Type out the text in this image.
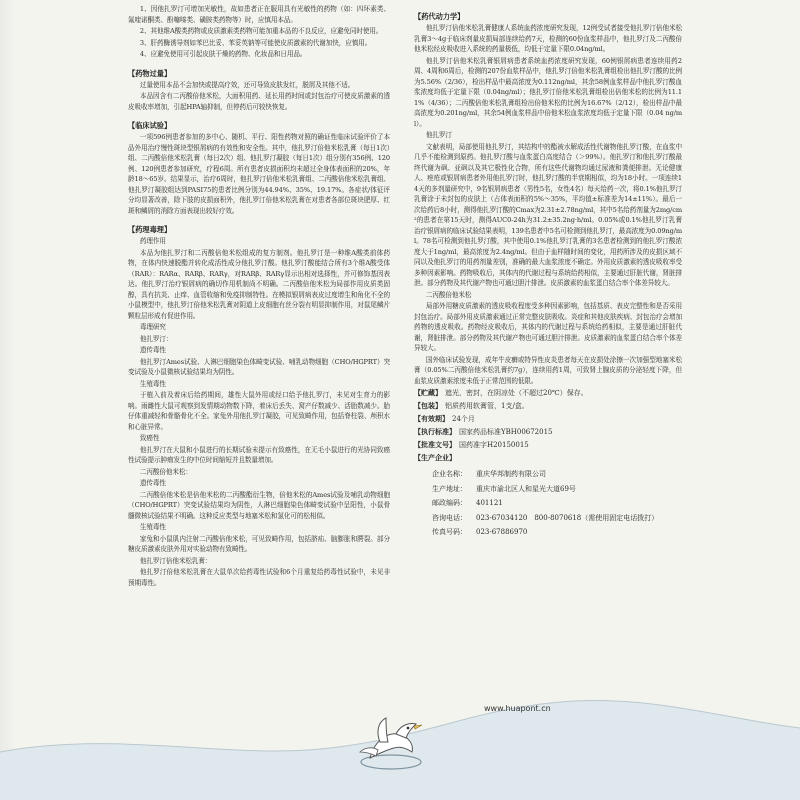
1、因他扎罗汀可增加光敏性，故如患者正在服用具有光敏性的药物（如：四环素类、氟喹诺酮类、酚噻嗪类、磺胺类药物等）时，应慎用本品。

2、其他维A酸类药物或皮质激素类药物可能加重本品的不良反应，应避免同时使用。

3、肝药酶诱导剂如苯巴比妥、苯妥英钠等可能使皮质激素的代谢加快，应慎用。

4、应避免使用可引起皮肤干燥的药物、化妆品和日用品。

【药物过量】

过量使用本品不会加快或提高疗效，还可导致皮肤发红，脱屑及其他不适。

本品因含有二丙酸倍他米松，大面积用药、延长用药时间或封包治疗可使皮质激素的透皮吸收率增加，引起HPA轴抑制，但停药后可较快恢复。

【临床试验】

一项596例患者参加的多中心、随机、平行、阳性药物对照的确证性临床试验评价了本品外用治疗慢性斑块型银屑病的有效性和安全性。其中，他扎罗汀倍他米松乳膏（每日1次）组、二丙酸倍他米松乳膏（每日2次）组、他扎罗汀凝胶（每日1次）组分别有356例、120例、120例患者参加研究，疗程6周。所有患者皮损面积均未超过全身体表面积的20%，年龄18～65岁。结果显示，治疗6周时，他扎罗汀倍他米松乳膏组、二丙酸倍他米松乳膏组、他扎罗汀凝胶组达到PASI75的患者比例分别为44.94%、35%、19.17%。各症状/体征评分均显著改善，除下肢的皮损面积外，他扎罗汀倍他米松乳膏在对患者各部位斑块肥厚、红斑和鳞屑的消除方面表现出较好疗效。

【药理毒理】

药理作用

本品为他扎罗汀和二丙酸倍他米松组成的复方制剂。他扎罗汀是一种维A酸类前体药物，在体内快速脱酯并转化成活性成分他扎罗汀酸。他扎罗汀酸能结合所有3个维A酸受体（RAR）：RARα、RARβ、RARγ，对RARβ、RARγ显示出相对选择性，并可修饰基因表达。他扎罗汀治疗银屑病的确切作用机制尚不明确。二丙酸倍他米松为局部作用皮质类固醇，具有抗炎、止痒、血管收缩和免疫抑制特性。在模拟银屑病表皮过度增生和角化不全的小鼠模型中，他扎罗汀倍他米松乳膏对阴道上皮细胞有丝分裂有明显抑制作用，对鼠尾鳞片颗粒层形成有促进作用。

毒理研究

他扎罗汀：

遗传毒性

他扎罗汀Ames试验、人淋巴细胞染色体畸变试验、哺乳动物细胞（CHO/HGPRT）突变试验及小鼠微核试验结果均为阴性。

生殖毒性

于植入前及着床后给药期间，雄性大鼠外用或经口给予他扎罗汀，未见对生育力的影响。雨雌性大鼠可观察到发情期动物数下降，着床后丢失、窝产仔数减少、活胎数减少。胎仔体重减轻和骨骼骨化不全。家兔外用他扎罗汀凝胶，可见致畸作用，包括脊柱裂、颅积水和心脏异常。

致癌性

他扎罗汀在大鼠和小鼠进行的长期试验未提示有致癌性，在无毛小鼠进行的光协同致癌性试验提示肿瘤发生的中位时间缩短并且数量增加。

二丙酸倍他米松：

遗传毒性

二丙酸倍他米松是倍他米松的二丙酸酯衍生物，倍他米松的Ames试验及哺乳动物细胞（CHO/HGPRT）突变试验结果均为阴性，人淋巴细胞染色体畸变试验中呈阳性，小鼠骨髓微核试验结果不明确。这种反应类型与地塞米松和氢化可的松相似。

生殖毒性

家兔和小鼠肌内注射二丙酸倍他米松，可见致畸作用，包括脐疝、脑膨胀和腭裂。部分糖皮质激素皮肤外用对实验动物有致畸性。

他扎罗汀倍他米松乳膏：

他扎罗汀倍他米松乳膏在大鼠单次给药毒性试验和6个月重复给药毒性试验中，未见非预期毒性。

【药代动力学】

他扎罗汀倍他米松乳膏健康人系统血药浓度研究发现，12例受试者接受他扎罗汀倍他米松乳膏3～4g于临床剂量皮损局部连续给药7天，检测的60份血浆样品中，他扎罗汀及二丙酸倍他米松经皮吸收进入系统的药量极低，均低于定量下限0.04ng/ml。

他扎罗汀倍他米松乳膏银屑病患者系统血药浓度研究发现，60例银屑病患者连续用药2周、4周和6周后，检测的207份血浆样品中，他扎罗汀倍他米松乳膏组检出他扎罗汀酸的比例为5.56%（2/36），检出样品中最高浓度为0.112ng/ml，其余58例血浆样品中他扎罗汀酸血浆浓度均低于定量下限（0.04ng/ml）；他扎罗汀倍他米松乳膏组检出倍他米松的比例为11.11%（4/36）；二丙酸倍他米松乳膏组检出倍他米松的比例为16.67%（2/12），检出样品中最高浓度为0.201ng/ml，其余54例血浆样品中倍他米松血浆浓度均低于定量下限（0.04 ng/ml）。

他扎罗汀

文献表明，局部使用他扎罗汀，其结构中的酯被水解成活性代谢物他扎罗汀酸，在血浆中几乎不能检测到原药。他扎罗汀酸与血浆蛋白高度结合（＞99%）。他扎罗汀和他扎罗汀酸最终代谢为砜、亚砜以及其它极性化合物，所有这些代谢物均通过尿液和粪便排泄。无论健康人、痤疮或银屑病患者外用他扎罗汀时，他扎罗汀酸的半衰期相似，均为18小时。一项连续14天的多剂量研究中，9名银屑病患者（男性5名，女性4名）每天给药一次，将0.1%他扎罗汀乳膏涂于未封包的皮肤上（占体表面积的5%～35%，平均值±标准差为14±11%）。最后一次给药后8小时，测得他扎罗汀酸的Cmax为2.31±2.78ng/ml，其中5名给药剂量为2mg/cm²的患者在第15天时，测得AUC0-24h为31.2±35.2ng·h/ml。0.05%或0.1%他扎罗汀乳膏治疗银屑病的临床试验结果表明，139名患者中5名可检测到他扎罗汀，最高浓度为0.09ng/ml。78名可检测到他扎罗汀酸，其中使用0.1%他扎罗汀乳膏的3名患者检测到的他扎罗汀酸浓度大于1ng/ml，最高浓度为2.4ng/ml。但由于血样随时间的变化，用药所涉及的皮损区域不同以及他扎罗汀的用药剂量差别，准确的最大血浆浓度不确定。外用皮质激素的透皮吸收率受多种因素影响。药物吸收后，其体内的代谢过程与系统给药相似，主要通过肝脏代谢，肾脏排泄。部分药物及其代谢产物也可通过胆汁排泄。皮质激素的血浆蛋白结合率个体差异较大。

二丙酸倍他米松

局部外用糖皮质激素的透皮吸收程度受多种因素影响，包括基质、表皮完整性和是否采用封包治疗。局部外用皮质激素通过正常完整皮肤吸收。炎症和其他皮肤疾病、封包治疗会增加药物的透皮吸收。药物经皮吸收后，其体内的代谢过程与系统给药相似，主要是通过肝脏代谢，肾脏排泄。部分药物及其代谢产物也可通过胆汁排泄。皮质激素的血浆蛋白结合率个体差异较大。

国外临床试验发现，成年牛皮癣或特异性皮炎患者每天在皮损处涂擦一次加强型地塞米松膏（0.05%二丙酸倍他米松乳膏约7g），连续用药1周，可致肾上腺皮质的分泌轻度下降，但血浆皮质激素浓度未低于正常范围的低限。

【贮藏】 遮光，密封，在阴凉处（不超过20℃）保存。
【包装】 铝质药用软膏管，1支/盒。
【有效期】 24个月
【执行标准】 国家药品标准YBH00672015
【批准文号】 国药准字H20150015
【生产企业】
企业名称：	重庆华邦制药有限公司
生产地址：	重庆市渝北区人和星光大道69号
邮政编码：	401121
咨询电话：	023-67034120　800-8070618（需使用固定电话拨打）
传真号码：	023-67886970
www.huapont.cn
